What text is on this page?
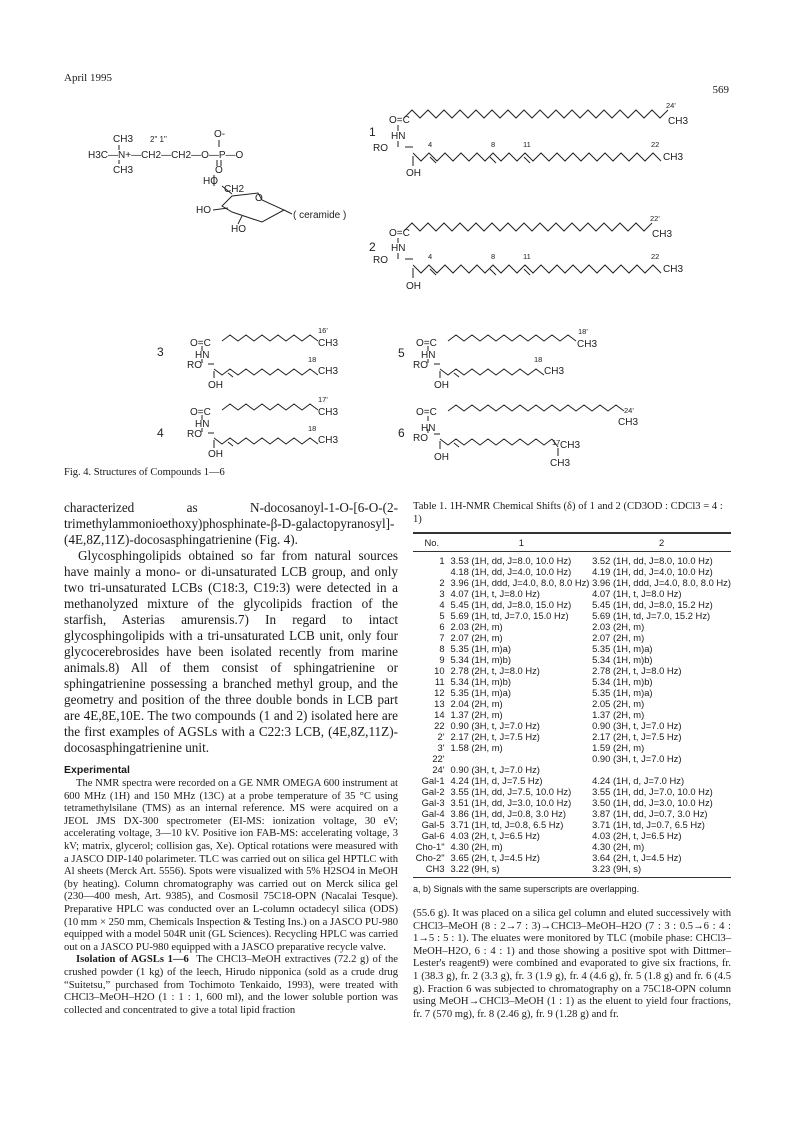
April 1995
569
CH3 2" 1"	O-
H3C—N+—CH2—CH2—O—P—O
CH3	O
HO
CH2
O
HO	( ceramide )
HO
1
2
3
4
5
6
O=C
24'
CH3
HN
RO	4	8	11	22
CH3
OH
O=C
22'
CH3
HN
RO	4	8	11	22
CH3
OH
O=C
16'
CH3
HN
RO
18
CH3
OH
O=C
17'
CH3
HN
RO
18
CH3
OH
O=C
18'
CH3
HN
RO
18
CH3
OH
O=C	24'
CH3
HN
RO	17 CH3
OH
CH3
Fig. 4. Structures of Compounds 1—6

characterized as N-docosanoyl-1-O-[6-O-(2-trimethylammonioethoxy)phosphinate-β-D-galactopyranosyl]-(4E,8Z,11Z)-docosasphingatrienine (Fig. 4).

Glycosphingolipids obtained so far from natural sources have mainly a mono- or di-unsaturated LCB group, and only two tri-unsaturated LCBs (C18:3, C19:3) were detected in a methanolyzed mixture of the glycolipids fraction of the starfish, Asterias amurensis.7) In regard to intact glycosphingolipids with a tri-unsaturated LCB unit, only four glycocerebrosides have been isolated recently from marine animals.8) All of them consist of sphingatrienine or sphingatrienine possessing a branched methyl group, and the geometry and position of the three double bonds in LCB part are 4E,8E,10E. The two compounds (1 and 2) isolated here are the first examples of AGSLs with a C22:3 LCB, (4E,8Z,11Z)-docosasphingatrienine unit.

Experimental

The NMR spectra were recorded on a GE NMR OMEGA 600 instrument at 600 MHz (1H) and 150 MHz (13C) at a probe temperature of 35 °C using tetramethylsilane (TMS) as an internal reference. MS were acquired on a JEOL JMS DX-300 spectrometer (EI-MS: ionization voltage, 30 eV; accelerating voltage, 3—10 kV. Positive ion FAB-MS: accelerating voltage, 3 kV; matrix, glycerol; collision gas, Xe). Optical rotations were measured with a JASCO DIP-140 polarimeter. TLC was carried out on silica gel HPTLC with Al sheets (Merck Art. 5556). Spots were visualized with 5% H2SO4 in MeOH (by heating). Column chromatography was carried out on Merck silica gel (230—400 mesh, Art. 9385), and Cosmosil 75C18-OPN (Nacalai Tesque). Preparative HPLC was conducted over an L-column octadecyl silica (ODS) (10 mm × 250 mm, Chemicals Inspection & Testing Ins.) on a JASCO PU-980 equipped with a model 504R unit (GL Sciences). Recycling HPLC was carried out on a JASCO PU-980 equipped with a JASCO preparative recycle valve.

Isolation of AGSLs 1—6 The CHCl3–MeOH extractives (72.2 g) of the crushed powder (1 kg) of the leech, Hirudo nipponica (sold as a crude drug “Suitetsu,” purchased from Tochimoto Tenkaido, 1993), were treated with CHCl3–MeOH–H2O (1 : 1 : 1, 600 ml), and the lower soluble portion was collected and concentrated to give a total lipid fraction

Table 1. 1H-NMR Chemical Shifts (δ) of 1 and 2 (CD3OD : CDCl3 = 4 : 1)
No.	1	2
1	3.53 (1H, dd, J=8.0, 10.0 Hz)	3.52 (1H, dd, J=8.0, 10.0 Hz)
	4.18 (1H, dd, J=4.0, 10.0 Hz)	4.19 (1H, dd, J=4.0, 10.0 Hz)
2	3.96 (1H, ddd, J=4.0, 8.0, 8.0 Hz)	3.96 (1H, ddd, J=4.0, 8.0, 8.0 Hz)
3	4.07 (1H, t, J=8.0 Hz)	4.07 (1H, t, J=8.0 Hz)
4	5.45 (1H, dd, J=8.0, 15.0 Hz)	5.45 (1H, dd, J=8.0, 15.2 Hz)
5	5.69 (1H, td, J=7.0, 15.0 Hz)	5.69 (1H, td, J=7.0, 15.2 Hz)
6	2.03 (2H, m)	2.03 (2H, m)
7	2.07 (2H, m)	2.07 (2H, m)
8	5.35 (1H, m)a)	5.35 (1H, m)a)
9	5.34 (1H, m)b)	5.34 (1H, m)b)
10	2.78 (2H, t, J=8.0 Hz)	2.78 (2H, t, J=8.0 Hz)
11	5.34 (1H, m)b)	5.34 (1H, m)b)
12	5.35 (1H, m)a)	5.35 (1H, m)a)
13	2.04 (2H, m)	2.05 (2H, m)
14	1.37 (2H, m)	1.37 (2H, m)
22	0.90 (3H, t, J=7.0 Hz)	0.90 (3H, t, J=7.0 Hz)
2'	2.17 (2H, t, J=7.5 Hz)	2.17 (2H, t, J=7.5 Hz)
3'	1.58 (2H, m)	1.59 (2H, m)
22'		0.90 (3H, t, J=7.0 Hz)
24'	0.90 (3H, t, J=7.0 Hz)	
Gal-1	4.24 (1H, d, J=7.5 Hz)	4.24 (1H, d, J=7.0 Hz)
Gal-2	3.55 (1H, dd, J=7.5, 10.0 Hz)	3.55 (1H, dd, J=7.0, 10.0 Hz)
Gal-3	3.51 (1H, dd, J=3.0, 10.0 Hz)	3.50 (1H, dd, J=3.0, 10.0 Hz)
Gal-4	3.86 (1H, dd, J=0.8, 3.0 Hz)	3.87 (1H, dd, J=0.7, 3.0 Hz)
Gal-5	3.71 (1H, td, J=0.8, 6.5 Hz)	3.71 (1H, td, J=0.7, 6.5 Hz)
Gal-6	4.03 (2H, t, J=6.5 Hz)	4.03 (2H, t, J=6.5 Hz)
Cho-1"	4.30 (2H, m)	4.30 (2H, m)
Cho-2"	3.65 (2H, t, J=4.5 Hz)	3.64 (2H, t, J=4.5 Hz)
CH3	3.22 (9H, s)	3.23 (9H, s)
a, b) Signals with the same superscripts are overlapping.

(55.6 g). It was placed on a silica gel column and eluted successively with CHCl3–MeOH (8 : 2→7 : 3)→CHCl3–MeOH–H2O (7 : 3 : 0.5→6 : 4 : 1→5 : 5 : 1). The eluates were monitored by TLC (mobile phase: CHCl3–MeOH–H2O, 6 : 4 : 1) and those showing a positive spot with Dittmer–Lester's reagent9) were combined and evaporated to give six fractions, fr. 1 (38.3 g), fr. 2 (3.3 g), fr. 3 (1.9 g), fr. 4 (4.6 g), fr. 5 (1.8 g) and fr. 6 (4.5 g). Fraction 6 was subjected to chromatography on a 75C18-OPN column using MeOH→CHCl3–MeOH (1 : 1) as the eluent to yield four fractions, fr. 7 (570 mg), fr. 8 (2.46 g), fr. 9 (1.28 g) and fr.
